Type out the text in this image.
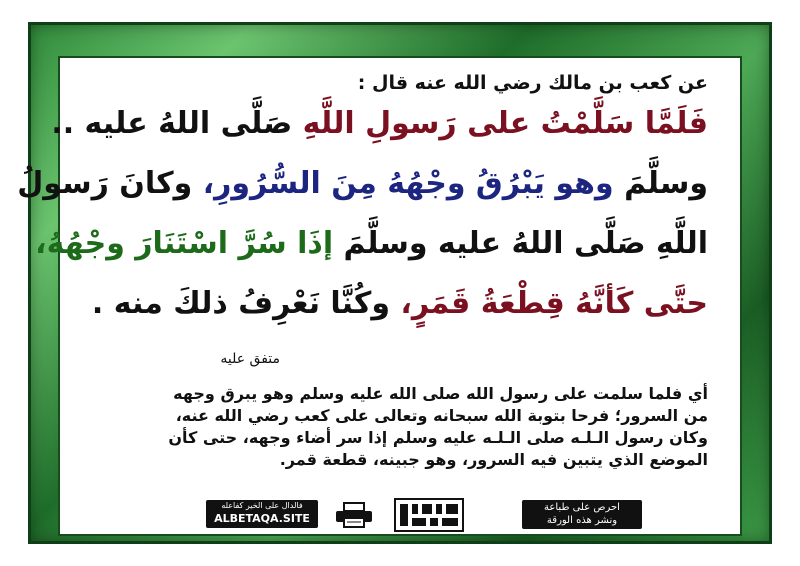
عن كعب بن مالك رضي الله عنه قال :
فَلَمَّا سَلَّمْتُ على رَسولِ اللَّهِ صَلَّى اللهُ عليه ..
وسلَّمَ وهو يَبْرُقُ وجْهُهُ مِنَ السُّرُورِ، وكانَ رَسولُ
اللَّهِ صَلَّى اللهُ عليه وسلَّمَ إذَا سُرَّ اسْتَنَارَ وجْهُهُ،
حتَّى كَأنَّهُ قِطْعَةُ قَمَرٍ، وكُنَّا نَعْرِفُ ذلكَ منه .
متفق عليه
أي فلما سلمت على رسول الله صلى الله عليه وسلم وهو يبرق وجهه
من السرور؛ فرحا بتوبة الله سبحانه وتعالى على كعب رضي الله عنه،
وكان رسول الـلـه صلى الـلـه عليه وسلم إذا سر أضاء وجهه، حتى كأن
الموضع الذي يتبين فيه السرور، وهو جبينه، قطعة قمر.
فالدال على الخير كفاعله
ALBETAQA.SITE
احرص على طباعة
ونشر هذه الورقة
